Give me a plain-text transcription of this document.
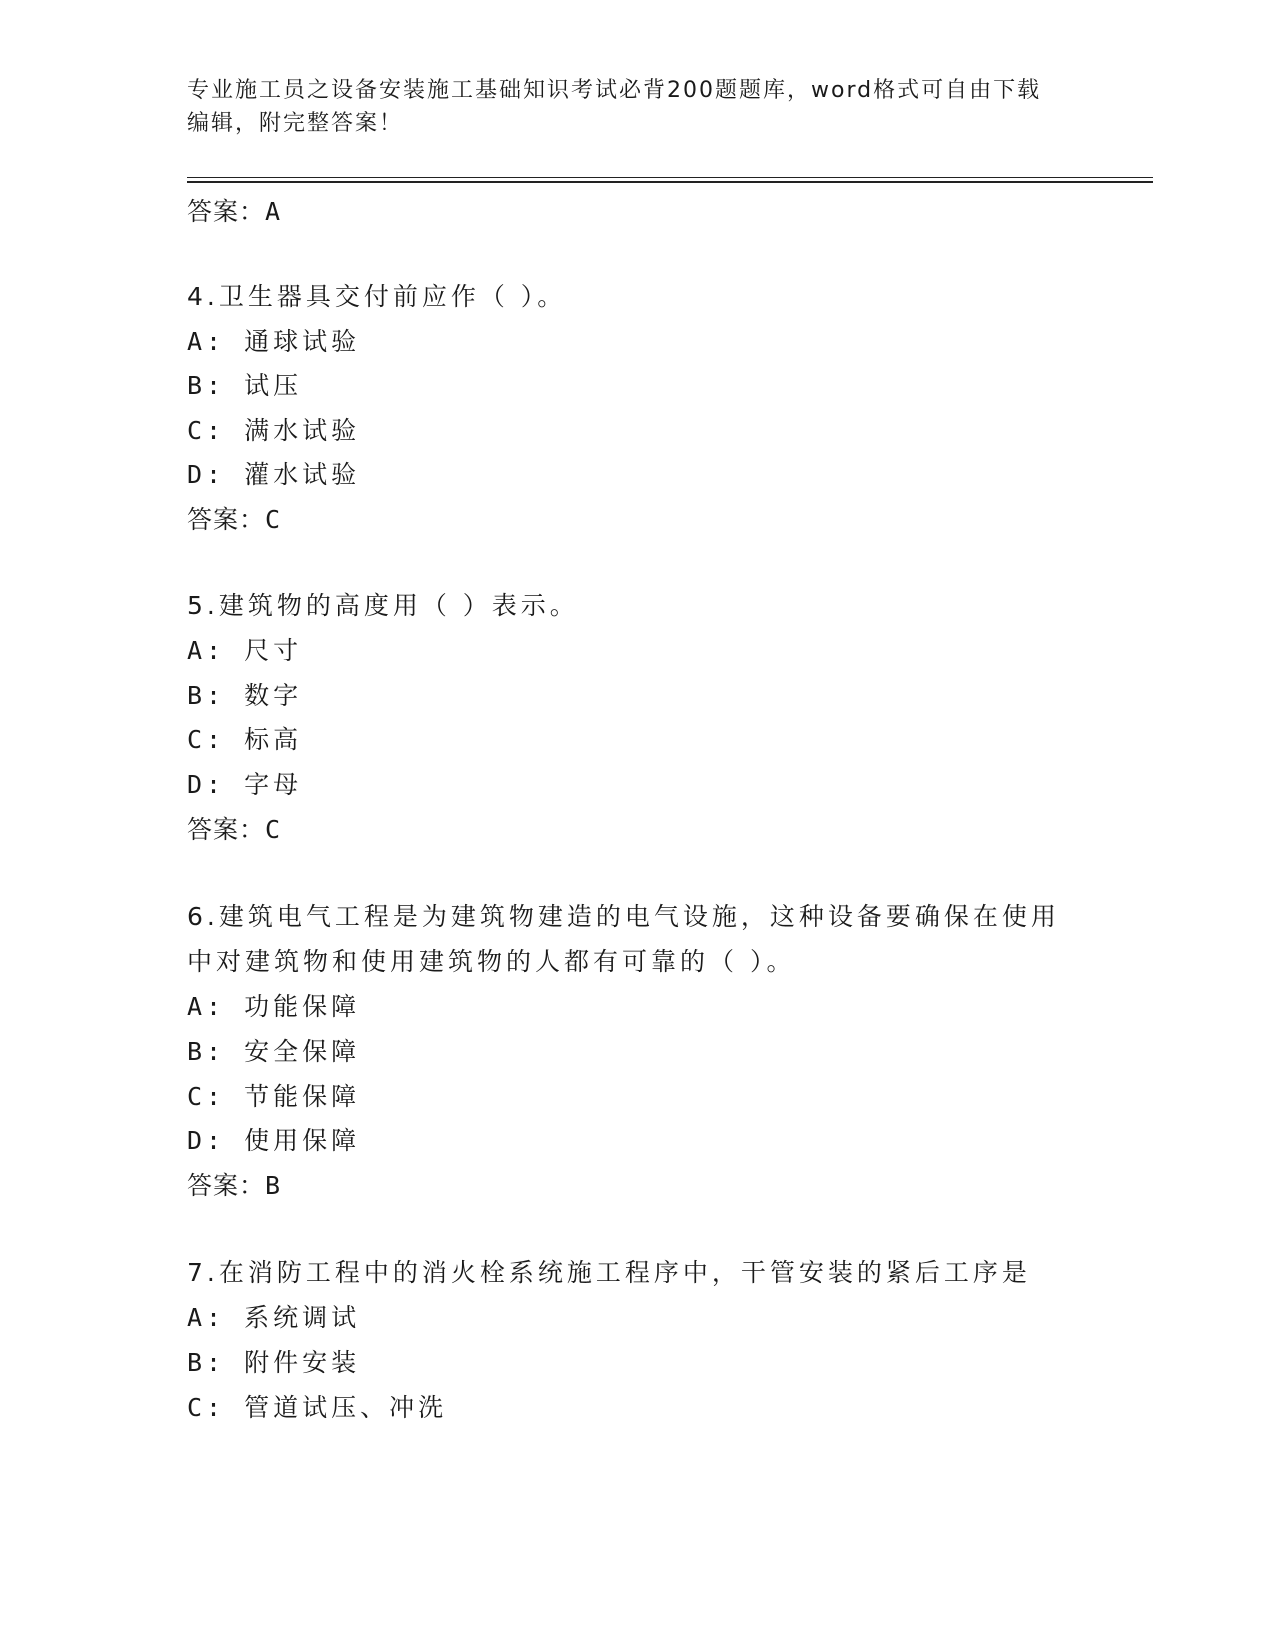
专业施工员之设备安装施工基础知识考试必背200题题库，word格式可自由下载
编辑，附完整答案！
答案：A
4.卫生器具交付前应作（ ）。
A: 通球试验
B: 试压
C: 满水试验
D: 灌水试验
答案：C
5.建筑物的高度用（ ）表示。
A: 尺寸
B: 数字
C: 标高
D: 字母
答案：C
6.建筑电气工程是为建筑物建造的电气设施，这种设备要确保在使用
中对建筑物和使用建筑物的人都有可靠的（ ）。
A: 功能保障
B: 安全保障
C: 节能保障
D: 使用保障
答案：B
7.在消防工程中的消火栓系统施工程序中，干管安装的紧后工序是
A: 系统调试
B: 附件安装
C: 管道试压、冲洗
